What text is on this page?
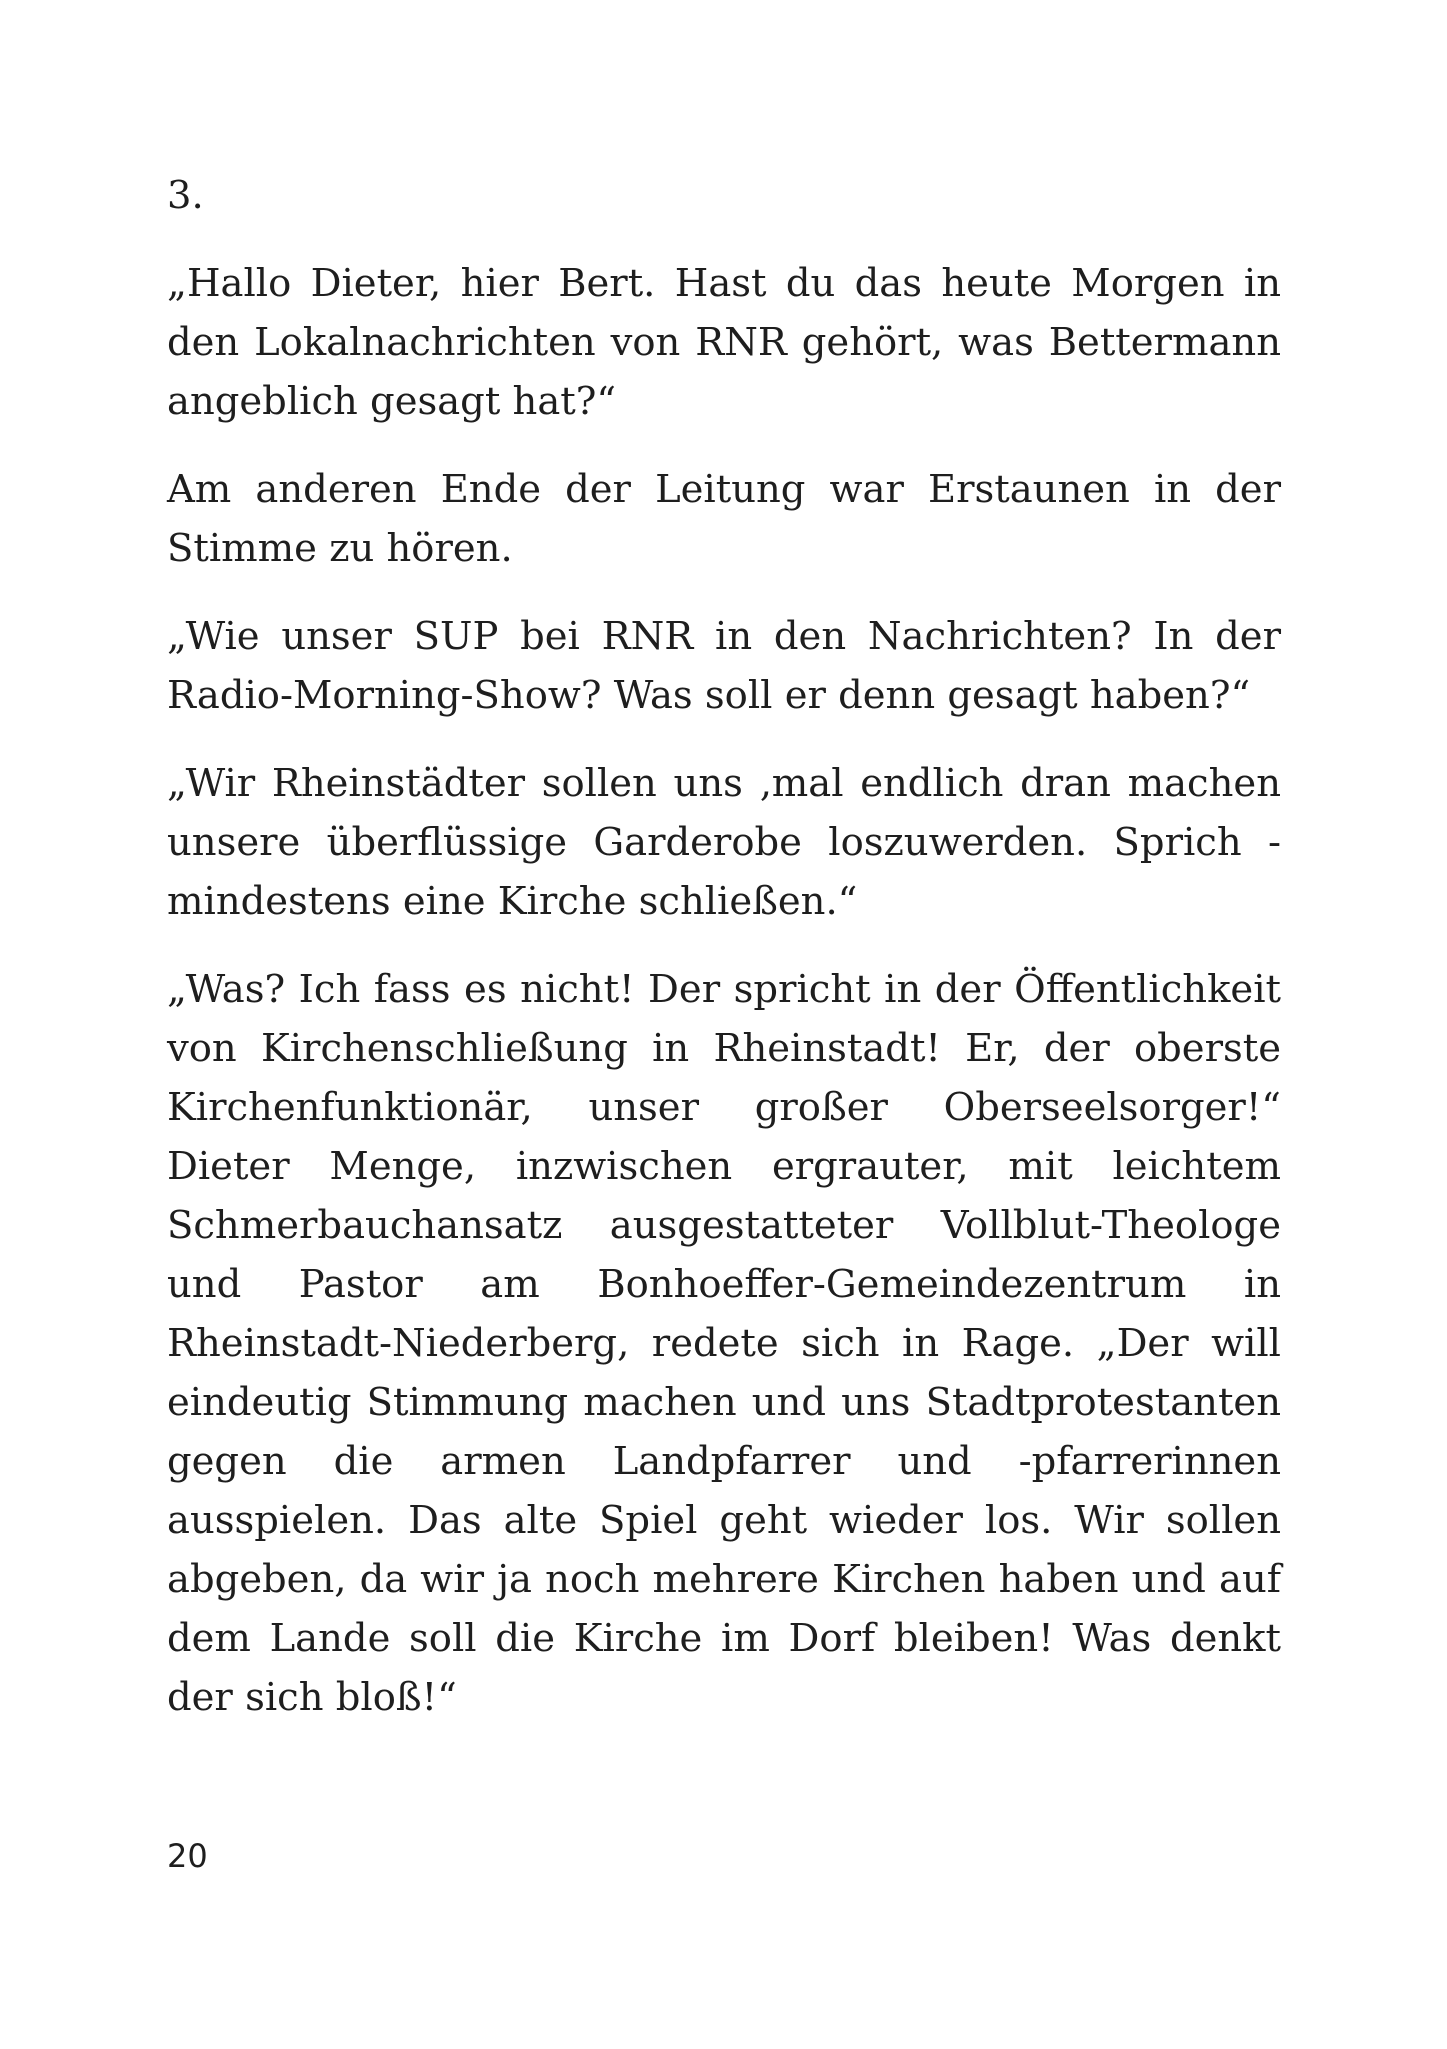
3.

„Hallo Dieter, hier Bert. Hast du das heute Morgen in den Lokalnachrichten von RNR gehört, was Bettermann angeblich gesagt hat?“

Am anderen Ende der Leitung war Erstaunen in der Stimme zu hören.

„Wie unser SUP bei RNR in den Nachrichten? In der Radio-Morning-Show? Was soll er denn gesagt haben?“

„Wir Rheinstädter sollen uns ‚mal endlich dran machen unsere überflüssige Garderobe loszuwerden. Sprich - mindestens eine Kirche schließen.“

„Was? Ich fass es nicht! Der spricht in der Öffentlichkeit von Kirchenschließung in Rheinstadt! Er, der oberste Kirchenfunktionär, unser großer Oberseelsorger!“ Dieter Menge, inzwischen ergrauter, mit leichtem Schmerbauchansatz ausgestatteter Vollblut-Theologe und Pastor am Bonhoeffer-Gemeindezentrum in Rheinstadt-Niederberg, redete sich in Rage. „Der will eindeutig Stimmung machen und uns Stadtprotestanten gegen die armen Landpfarrer und -pfarrerinnen ausspielen. Das alte Spiel geht wieder los. Wir sollen abgeben, da wir ja noch mehrere Kirchen haben und auf dem Lande soll die Kirche im Dorf bleiben! Was denkt der sich bloß!“

20
